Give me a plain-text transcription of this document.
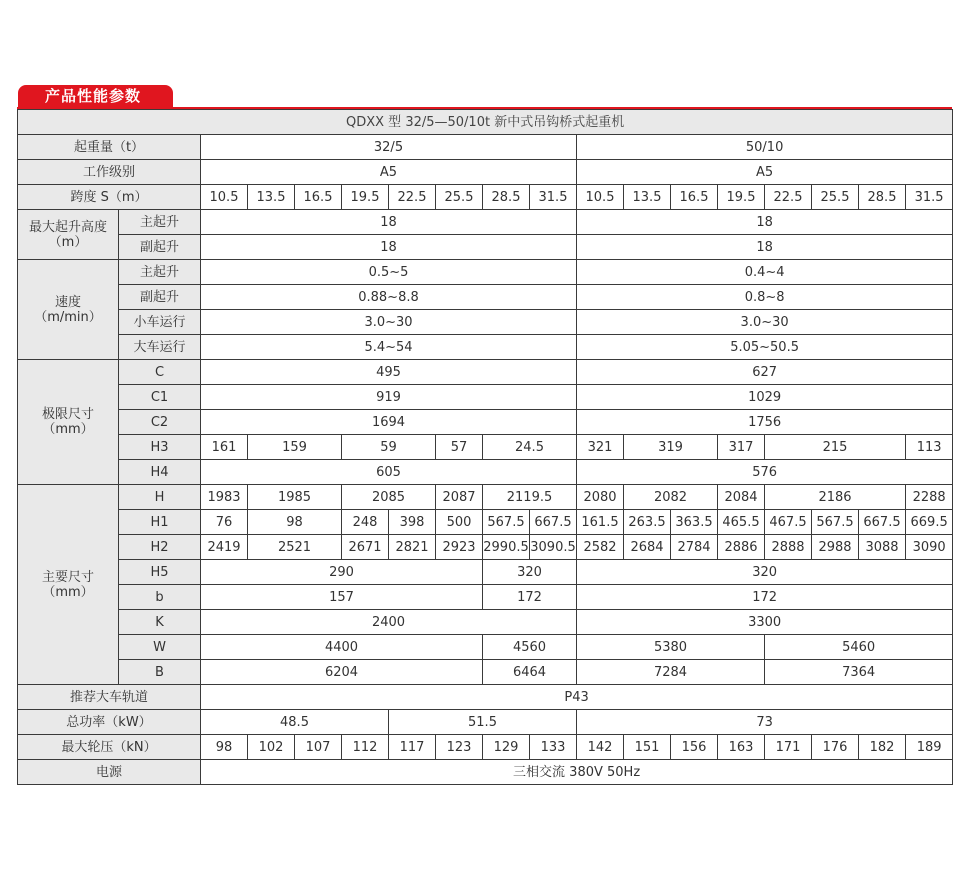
产品性能参数
QDXX 型 32/5—50/10t 新中式吊钩桥式起重机																	
起重量（t）		32/5								50/10							
工作级别		A5								A5							
跨度 S（m）		10.5	13.5	16.5	19.5	22.5	25.5	28.5	31.5	10.5	13.5	16.5	19.5	22.5	25.5	28.5	31.5
最大起升高度
（m）	主起升	18								18							
	副起升	18								18							
速度
（m/min）	主起升	0.5~5								0.4~4							
	副起升	0.88~8.8								0.8~8							
	小车运行	3.0~30								3.0~30							
	大车运行	5.4~54								5.05~50.5							
极限尺寸
（mm）	C	495								627							
	C1	919								1029							
	C2	1694								1756							
	H3	161	159		59		57	24.5		321	319		317	215			113
	H4	605								576							
主要尺寸
（mm）	H	1983	1985		2085		2087	2119.5		2080	2082		2084	2186			2288
	H1	76	98		248	398	500	567.5	667.5	161.5	263.5	363.5	465.5	467.5	567.5	667.5	669.5
	H2	2419	2521		2671	2821	2923	2990.5	3090.5	2582	2684	2784	2886	2888	2988	3088	3090
	H5	290						320		320							
	b	157						172		172							
	K	2400								3300							
	W	4400						4560		5380				5460			
	B	6204						6464		7284				7364			
推荐大车轨道		P43															
总功率（kW）		48.5				51.5				73							
最大轮压（kN）		98	102	107	112	117	123	129	133	142	151	156	163	171	176	182	189
电源		三相交流 380V 50Hz															
